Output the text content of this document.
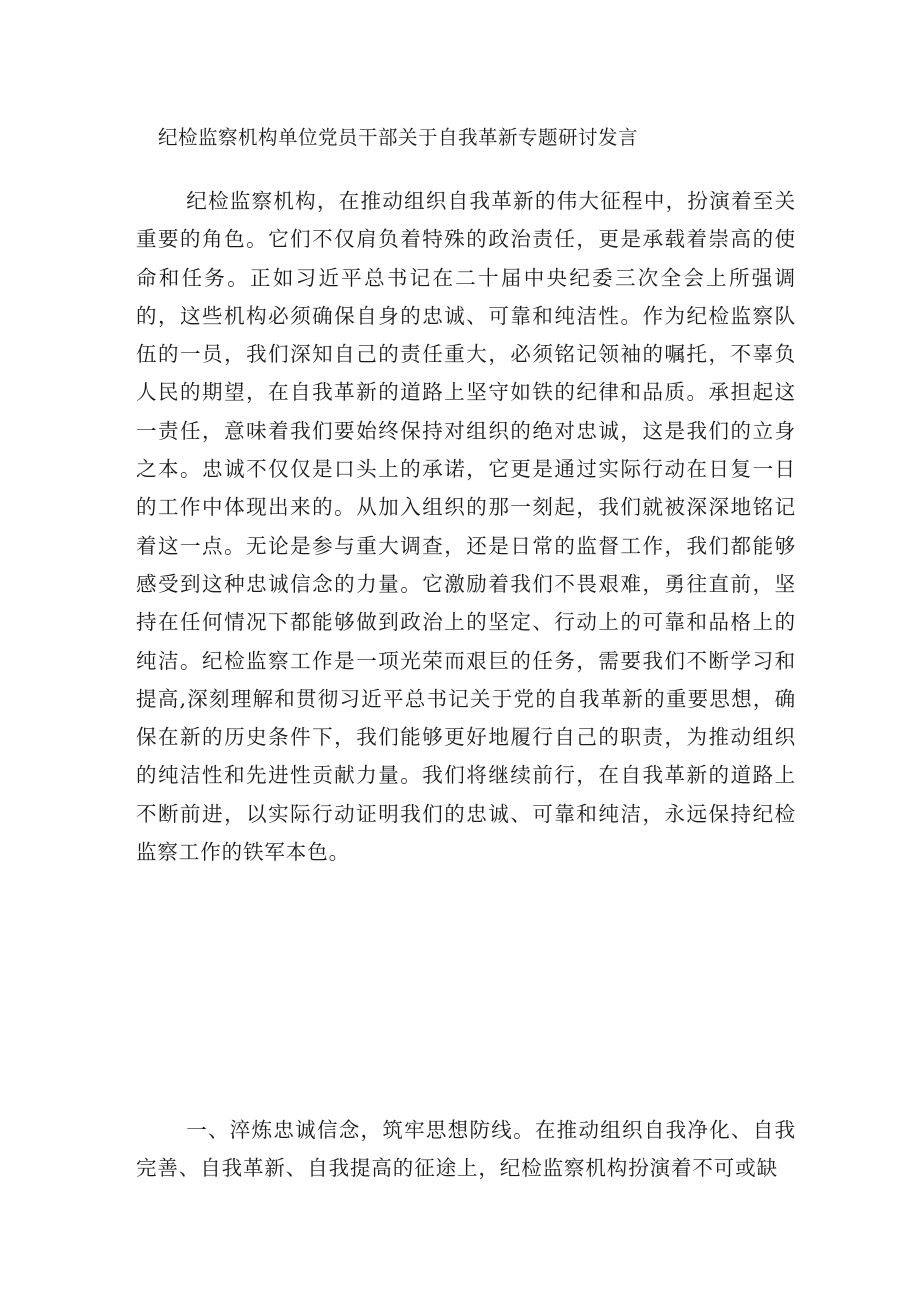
纪检监察机构单位党员干部关于自我革新专题研讨发言

纪检监察机构，在推动组织自我革新的伟大征程中，扮演着至关重要的角色。它们不仅肩负着特殊的政治责任，更是承载着崇高的使命和任务。正如习近平总书记在二十届中央纪委三次全会上所强调的，这些机构必须确保自身的忠诚、可靠和纯洁性。作为纪检监察队伍的一员，我们深知自己的责任重大，必须铭记领袖的嘱托，不辜负人民的期望，在自我革新的道路上坚守如铁的纪律和品质。承担起这一责任，意味着我们要始终保持对组织的绝对忠诚，这是我们的立身之本。忠诚不仅仅是口头上的承诺，它更是通过实际行动在日复一日的工作中体现出来的。从加入组织的那一刻起，我们就被深深地铭记着这一点。无论是参与重大调查，还是日常的监督工作，我们都能够感受到这种忠诚信念的力量。它激励着我们不畏艰难，勇往直前，坚持在任何情况下都能够做到政治上的坚定、行动上的可靠和品格上的纯洁。纪检监察工作是一项光荣而艰巨的任务，需要我们不断学习和提高,深刻理解和贯彻习近平总书记关于党的自我革新的重要思想，确保在新的历史条件下，我们能够更好地履行自己的职责，为推动组织的纯洁性和先进性贡献力量。我们将继续前行，在自我革新的道路上不断前进，以实际行动证明我们的忠诚、可靠和纯洁，永远保持纪检监察工作的铁军本色。

一、淬炼忠诚信念，筑牢思想防线。在推动组织自我净化、自我完善、自我革新、自我提高的征途上，纪检监察机构扮演着不可或缺
